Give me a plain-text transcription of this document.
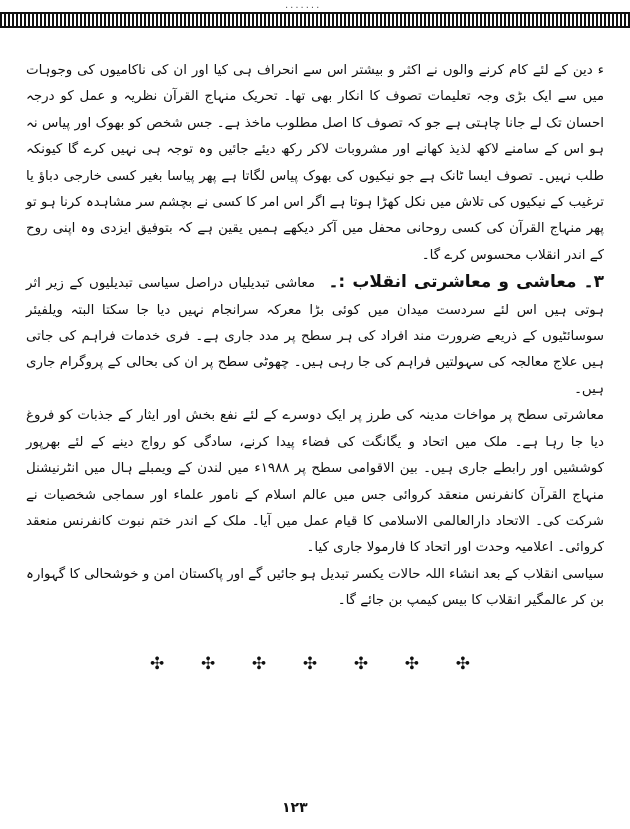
.......

ء دین کے لئے کام کرنے والوں نے اکثر و بیشتر اس سے انحراف ہی کیا اور ان کی ناکامیوں کی وجوہات میں سے ایک بڑی وجہ تعلیمات تصوف کا انکار بھی تھا۔ تحریک منہاج القرآن نظریہ و عمل کو درجہ احسان تک لے جانا چاہتی ہے جو کہ تصوف کا اصل مطلوب ماخذ ہے۔ جس شخص کو بھوک اور پیاس نہ ہو اس کے سامنے لاکھ لذیذ کھانے اور مشروبات لاکر رکھ دیئے جائیں وہ توجہ ہی نہیں کرے گا کیونکہ طلب نہیں۔ تصوف ایسا ٹانک ہے جو نیکیوں کی بھوک پیاس لگاتا ہے پھر پیاسا بغیر کسی خارجی دباؤ یا ترغیب کے نیکیوں کی تلاش میں نکل کھڑا ہوتا ہے اگر اس امر کا کسی نے بچشم سر مشاہدہ کرنا ہو تو پھر منہاج القرآن کی کسی روحانی محفل میں آکر دیکھے ہمیں یقین ہے کہ بتوفیق ایزدی وہ اپنی روح کے اندر انقلاب محسوس کرے گا۔

۳۔ معاشی و معاشرتی انقلاب :۔ معاشی تبدیلیاں دراصل سیاسی تبدیلیوں کے زیر اثر ہوتی ہیں اس لئے سردست میدان میں کوئی بڑا معرکہ سرانجام نہیں دیا جا سکتا البتہ ویلفیئر سوسائٹیوں کے ذریعے ضرورت مند افراد کی ہر سطح پر مدد جاری ہے۔ فری خدمات فراہم کی جاتی ہیں علاج معالجہ کی سہولتیں فراہم کی جا رہی ہیں۔ چھوٹی سطح پر ان کی بحالی کے پروگرام جاری ہیں۔

معاشرتی سطح پر مواخات مدینہ کی طرز پر ایک دوسرے کے لئے نفع بخش اور ایثار کے جذبات کو فروغ دیا جا رہا ہے۔ ملک میں اتحاد و یگانگت کی فضاء پیدا کرنے، سادگی کو رواج دینے کے لئے بھرپور کوششیں اور رابطے جاری ہیں۔ بین الاقوامی سطح پر ۱۹۸۸ء میں لندن کے ویمبلے ہال میں انٹرنیشنل منہاج القرآن کانفرنس منعقد کروائی جس میں عالم اسلام کے نامور علماء اور سماجی شخصیات نے شرکت کی۔ الاتحاد دارالعالمی الاسلامی کا قیام عمل میں آیا۔ ملک کے اندر ختم نبوت کانفرنس منعقد کروائی۔ اعلامیہ وحدت اور اتحاد کا فارمولا جاری کیا۔

سیاسی انقلاب کے بعد انشاء اللہ حالات یکسر تبدیل ہو جائیں گے اور پاکستان امن و خوشحالی کا گہوارہ بن کر عالمگیر انقلاب کا بیس کیمپ بن جائے گا۔

✣ ✣ ✣ ✣ ✣ ✣ ✣
۱۲۳
